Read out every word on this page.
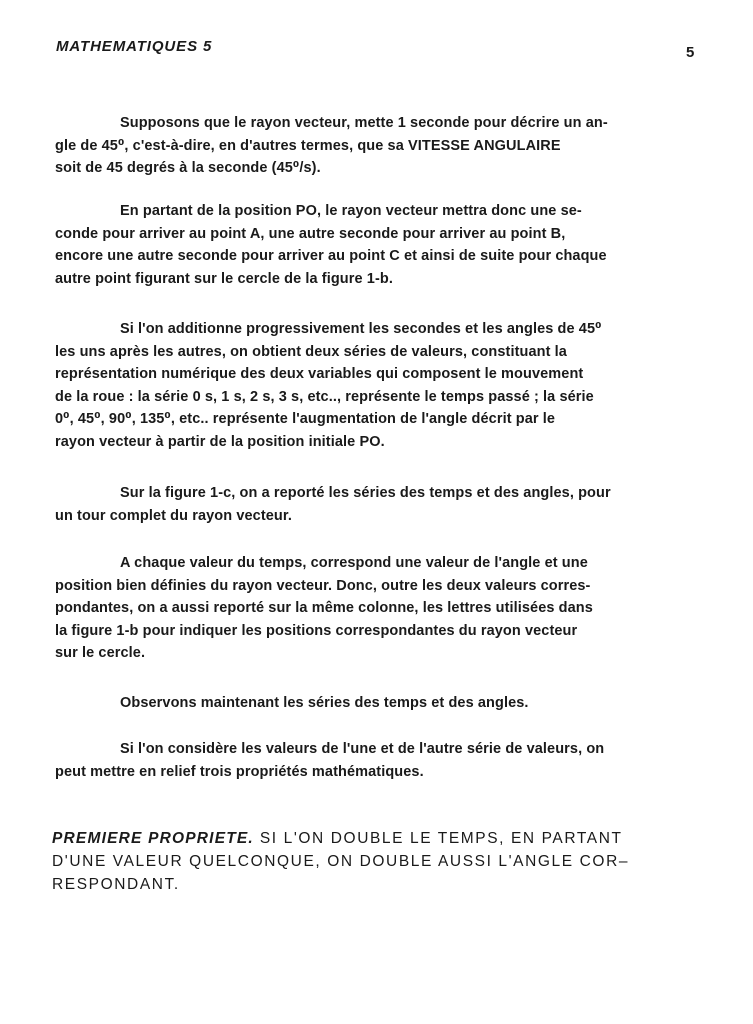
MATHEMATIQUES 5	5
Supposons que le rayon vecteur, mette 1 seconde pour décrire un an-
gle de 45⁰, c'est-à-dire, en d'autres termes, que sa VITESSE ANGULAIRE
soit de 45 degrés à la seconde (45⁰/s).
En partant de la position PO, le rayon vecteur mettra donc une se-
conde pour arriver au point A, une autre seconde pour arriver au point B,
encore une autre seconde pour arriver au point C et ainsi de suite pour chaque
autre point figurant sur le cercle de la figure 1-b.
Si l'on additionne progressivement les secondes et les angles de 45⁰
les uns après les autres, on obtient deux séries de valeurs, constituant la
représentation numérique des deux variables qui composent le mouvement
de la roue : la série 0 s, 1 s, 2 s, 3 s, etc.., représente le temps passé ; la série
0⁰, 45⁰, 90⁰, 135⁰, etc.. représente l'augmentation de l'angle décrit par le
rayon vecteur à partir de la position initiale PO.
Sur la figure 1-c, on a reporté les séries des temps et des angles, pour
un tour complet du rayon vecteur.
A chaque valeur du temps, correspond une valeur de l'angle et une
position bien définies du rayon vecteur. Donc, outre les deux valeurs corres-
pondantes, on a aussi reporté sur la même colonne, les lettres utilisées dans
la figure 1-b pour indiquer les positions correspondantes du rayon vecteur
sur le cercle.
Observons maintenant les séries des temps et des angles.
Si l'on considère les valeurs de l'une et de l'autre série de valeurs, on
peut mettre en relief trois propriétés mathématiques.
PREMIERE PROPRIETE. SI L'ON DOUBLE LE TEMPS, EN PARTANT
D'UNE VALEUR QUELCONQUE, ON DOUBLE AUSSI L'ANGLE COR–
RESPONDANT.
